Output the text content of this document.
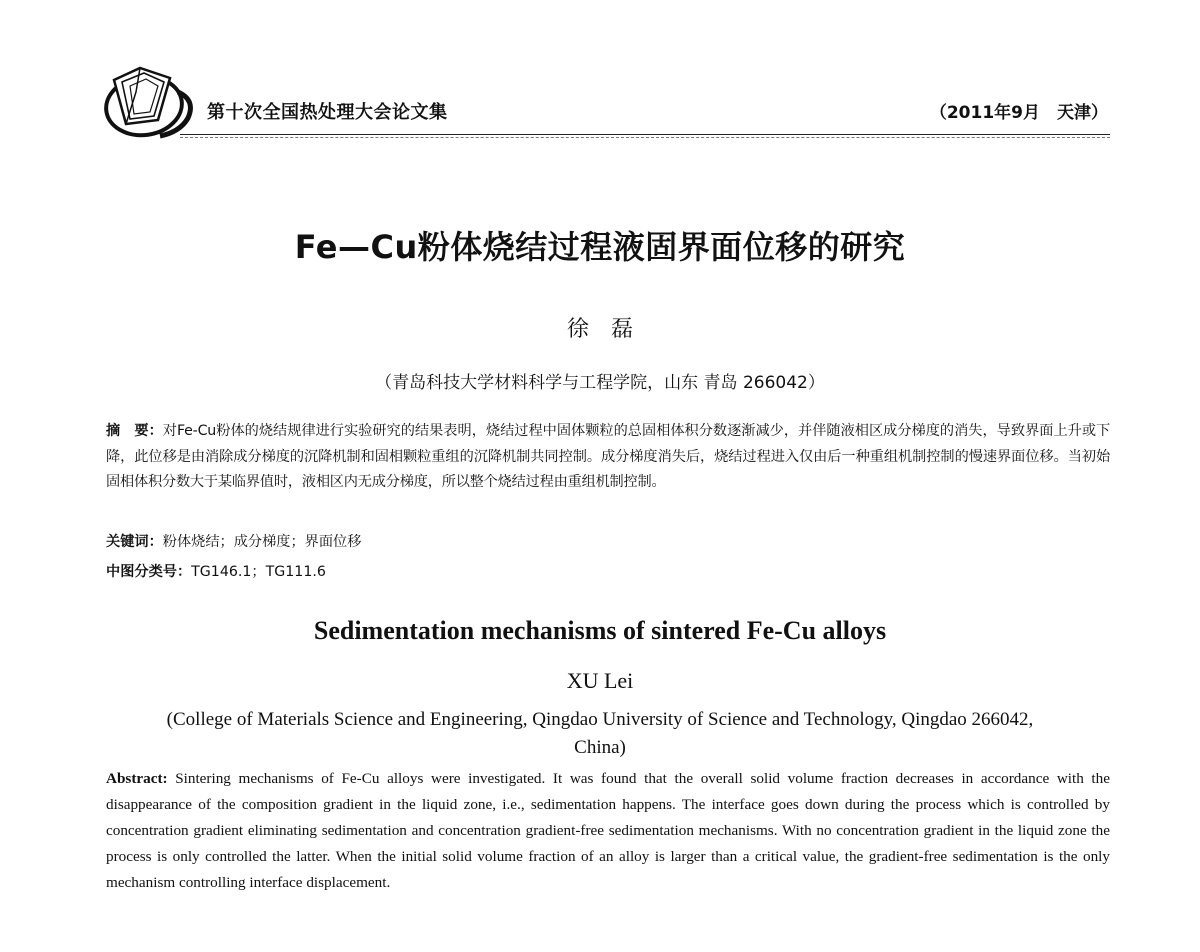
第十次全国热处理大会论文集	（2011年9月　天津）
Fe—Cu粉体烧结过程液固界面位移的研究
徐磊
（青岛科技大学材料科学与工程学院，山东 青岛 266042）
摘　要：对Fe-Cu粉体的烧结规律进行实验研究的结果表明，烧结过程中固体颗粒的总固相体积分数逐渐减少，并伴随液相区成分梯度的消失，导致界面上升或下降，此位移是由消除成分梯度的沉降机制和固相颗粒重组的沉降机制共同控制。成分梯度消失后，烧结过程进入仅由后一种重组机制控制的慢速界面位移。当初始固相体积分数大于某临界值时，液相区内无成分梯度，所以整个烧结过程由重组机制控制。
关键词：粉体烧结；成分梯度；界面位移
中图分类号：TG146.1；TG111.6
Sedimentation mechanisms of sintered Fe-Cu alloys
XU Lei
(College of Materials Science and Engineering, Qingdao University of Science and Technology, Qingdao 266042, China)
Abstract: Sintering mechanisms of Fe-Cu alloys were investigated. It was found that the overall solid volume fraction decreases in accordance with the disappearance of the composition gradient in the liquid zone, i.e., sedimentation happens. The interface goes down during the process which is controlled by concentration gradient eliminating sedimentation and concentration gradient-free sedimentation mechanisms. With no concentration gradient in the liquid zone the process is only controlled the latter. When the initial solid volume fraction of an alloy is larger than a critical value, the gradient-free sedimentation is the only mechanism controlling interface displacement.
